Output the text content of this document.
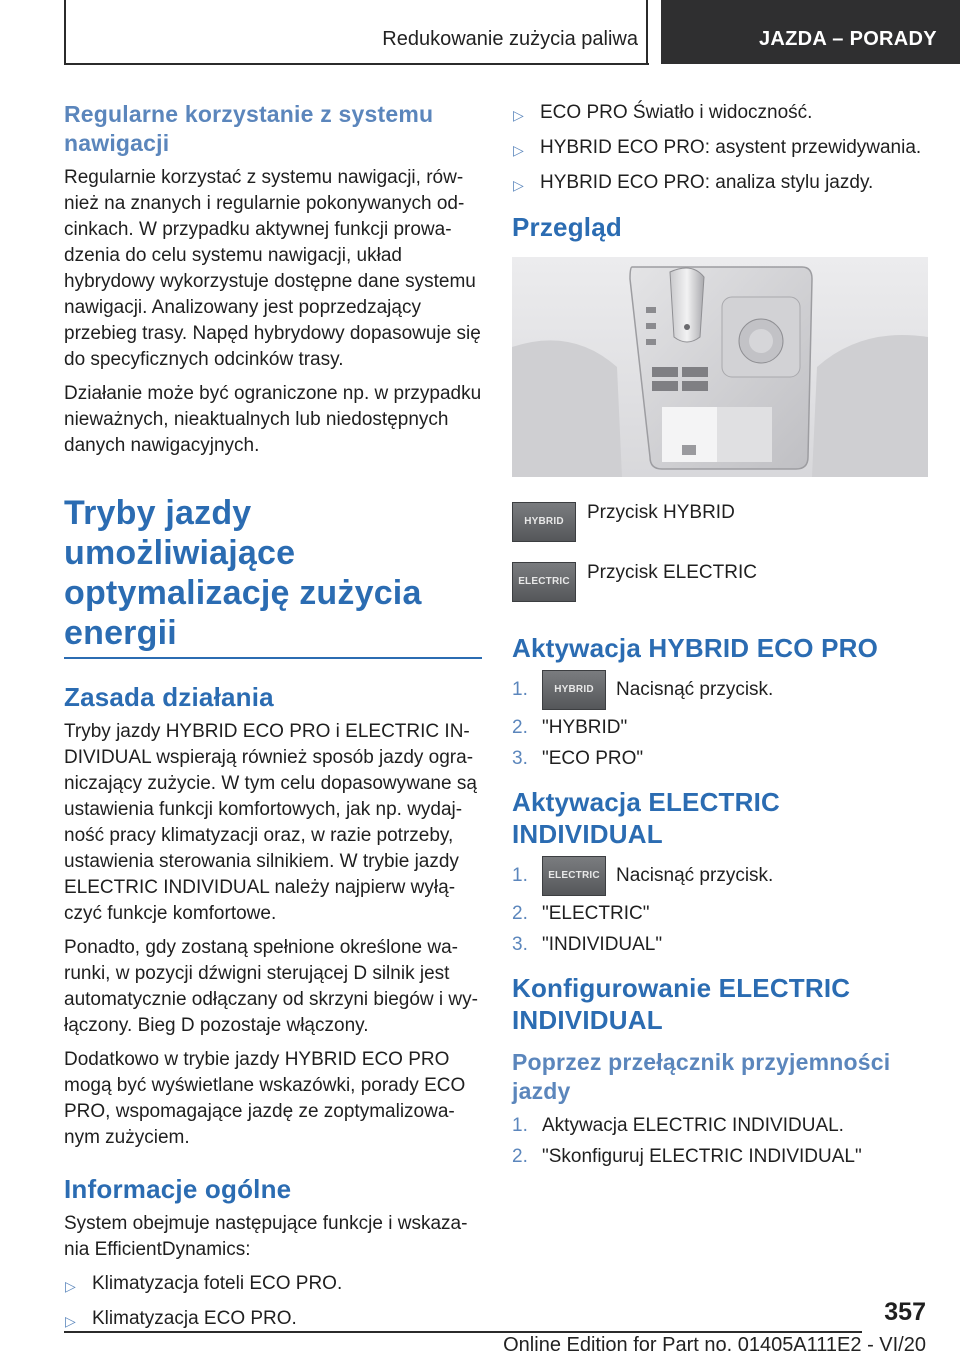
Redukowanie zużycia paliwa	JAZDA – PORADY
Regularne korzystanie z systemu nawigacji

Regularnie korzystać z systemu nawigacji, również na znanych i regularnie pokonywanych odcinkach. W przypadku aktywnej funkcji prowadzenia do celu systemu nawigacji, układ hybrydowy wykorzystuje dostępne dane systemu nawigacji. Analizowany jest poprzedzający przebieg trasy. Napęd hybrydowy dopasowuje się do specyficznych odcinków trasy.

Działanie może być ograniczone np. w przypadku nieważnych, nieaktualnych lub niedostępnych danych nawigacyjnych.

Tryby jazdy umożliwiające optymalizację zużycia energii
Zasada działania

Tryby jazdy HYBRID ECO PRO i ELECTRIC INDIVIDUAL wspierają również sposób jazdy ograniczający zużycie. W tym celu dopasowywane są ustawienia funkcji komfortowych, jak np. wydajność pracy klimatyzacji oraz, w razie potrzeby, ustawienia sterowania silnikiem. W trybie jazdy ELECTRIC INDIVIDUAL należy najpierw wyłączyć funkcje komfortowe.

Ponadto, gdy zostaną spełnione określone warunki, w pozycji dźwigni sterującej D silnik jest automatycznie odłączany od skrzyni biegów i wyłączony. Bieg D pozostaje włączony.

Dodatkowo w trybie jazdy HYBRID ECO PRO mogą być wyświetlane wskazówki, porady ECO PRO, wspomagające jazdę ze zoptymalizowanym zużyciem.

Informacje ogólne

System obejmuje następujące funkcje i wskazania EfficientDynamics:

▷ Klimatyzacja foteli ECO PRO.
▷ Klimatyzacja ECO PRO.
▷ ECO PRO Światło i widoczność.
▷ HYBRID ECO PRO: asystent przewidywania.
▷ HYBRID ECO PRO: analiza stylu jazdy.
Przegląd
HYBRID	Przycisk HYBRID
ELECTRIC Przycisk ELECTRIC
Aktywacja HYBRID ECO PRO
1.	HYBRID	Nacisnąć przycisk.
2. "HYBRID"
3. "ECO PRO"
Aktywacja ELECTRIC INDIVIDUAL
1.	ELECTRIC Nacisnąć przycisk.
2. "ELECTRIC"
3. "INDIVIDUAL"
Konfigurowanie ELECTRIC INDIVIDUAL
Poprzez przełącznik przyjemności jazdy
1. Aktywacja ELECTRIC INDIVIDUAL.
2. "Skonfiguruj ELECTRIC INDIVIDUAL"
357
Online Edition for Part no. 01405A111E2 - VI/20
